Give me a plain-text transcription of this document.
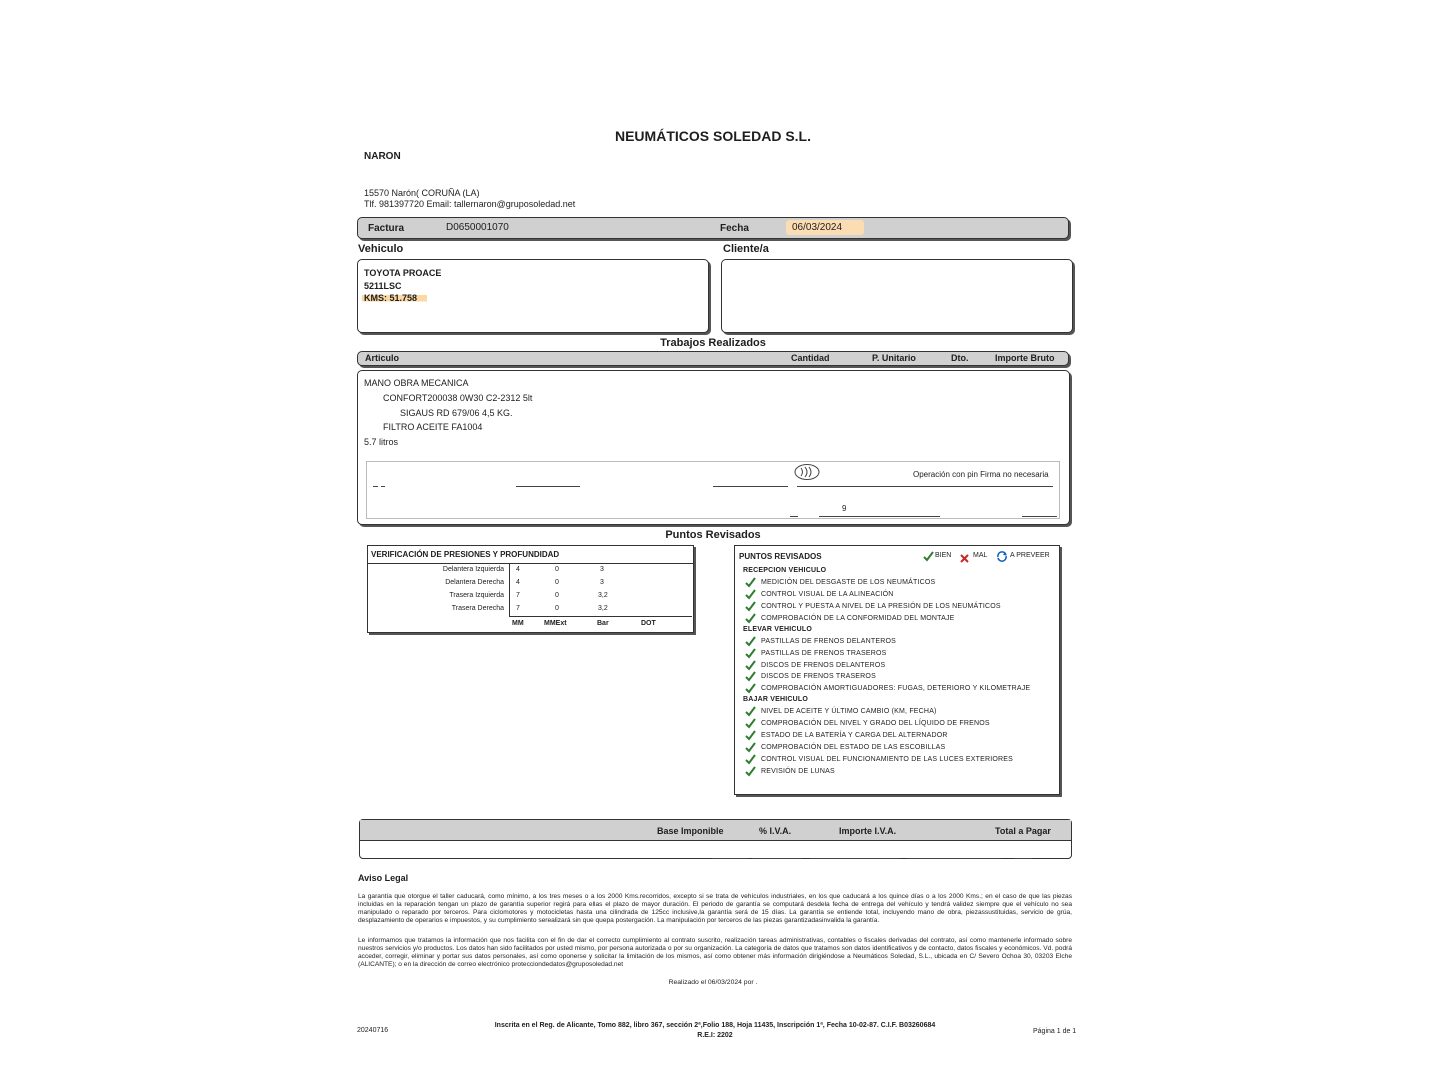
NEUMÁTICOS SOLEDAD S.L.
NARON
15570 Narón( CORUÑA (LA)
Tlf. 981397720 Email: tallernaron@gruposoledad.net
Factura	D0650001070	Fecha	06/03/2024
Vehiculo	Cliente/a
TOYOTA PROACE
5211LSC
KMS: 51.758
Trabajos Realizados
Articulo	Cantidad	P. Unitario	Dto.	Importe Bruto
MANO OBRA MECANICA
CONFORT200038 0W30 C2-2312 5lt
SIGAUS RD 679/06 4,5 KG.
FILTRO ACEITE FA1004
5.7 litros
Operación con pin Firma no necesaria
9
Puntos Revisados
VERIFICACIÓN DE PRESIONES Y PROFUNDIDAD
Delantera Izquierda 4	0	3
Delantera Derecha 4	0	3
Trasera Izquierda 7	0	3,2
Trasera Derecha 7	0	3,2
MM	MMExt	Bar	DOT
PUNTOS REVISADOS	BIEN	MAL	A PREVEER
RECEPCION VEHICULO
MEDICIÓN DEL DESGASTE DE LOS NEUMÁTICOS
CONTROL VISUAL DE LA ALINEACIÓN
CONTROL Y PUESTA A NIVEL DE LA PRESIÓN DE LOS NEUMÁTICOS
COMPROBACIÓN DE LA CONFORMIDAD DEL MONTAJE
ELEVAR VEHICULO
PASTILLAS DE FRENOS DELANTEROS
PASTILLAS DE FRENOS TRASEROS
DISCOS DE FRENOS DELANTEROS
DISCOS DE FRENOS TRASEROS
COMPROBACIÓN AMORTIGUADORES: FUGAS, DETERIORO Y KILOMETRAJE
BAJAR VEHICULO
NIVEL DE ACEITE Y ÚLTIMO CAMBIO (KM, FECHA)
COMPROBACIÓN DEL NIVEL Y GRADO DEL LÍQUIDO DE FRENOS
ESTADO DE LA BATERÍA Y CARGA DEL ALTERNADOR
COMPROBACIÓN DEL ESTADO DE LAS ESCOBILLAS
CONTROL VISUAL DEL FUNCIONAMIENTO DE LAS LUCES EXTERIORES
REVISIÓN DE LUNAS
Base Imponible	% I.V.A.	Importe I.V.A.	Total a Pagar
Aviso Legal
La garantía que otorgue el taller caducará, como mínimo, a los tres meses o a los 2000 Kms.recorridos, excepto si se trata de vehículos industriales, en los que caducará a los quince días o a los 2000 Kms.; en el caso de que las piezas incluidas en la reparación tengan un plazo de garantía superior regirá para ellas el plazo de mayor duración. El periodo de garantía se computará desdela fecha de entrega del vehículo y tendrá validez siempre que el vehículo no sea manipulado o reparado por terceros. Para ciclomotores y motocicletas hasta una cilindrada de 125cc inclusive,la garantía será de 15 días. La garantía se entiende total, incluyendo mano de obra, piezassustituidas, servicio de grúa, desplazamiento de operarios e impuestos, y su cumplimiento serealizará sin que quepa postergación. La manipulación por terceros de las piezas garantizadasinvalida la garantía.
Le informamos que tratamos la información que nos facilita con el fin de dar el correcto cumplimiento al contrato suscrito, realización tareas administrativas, contables o fiscales derivadas del contrato, así como mantenerle informado sobre nuestros servicios y/o productos. Los datos han sido facilitados por usted mismo, por persona autorizada o por su organización. La categoría de datos que tratamos son datos identificativos y de contacto, datos fiscales y económicos. Vd. podrá acceder, corregir, eliminar y portar sus datos personales, así como oponerse y solicitar la limitación de los mismos, así como obtener más información dirigiéndose a Neumáticos Soledad, S.L., ubicada en C/ Severo Ochoa 30, 03203 Elche (ALICANTE); o en la dirección de correo electrónico protecciondedatos@gruposoledad.net
Realizado el 06/03/2024 por .
20240716
Inscrita en el Reg. de Alicante, Tomo 882, libro 367, sección 2ª,Folio 188, Hoja 11435, Inscripción 1ª, Fecha 10-02-87. C.I.F. B03260684
R.E.I: 2202
Página 1 de 1
